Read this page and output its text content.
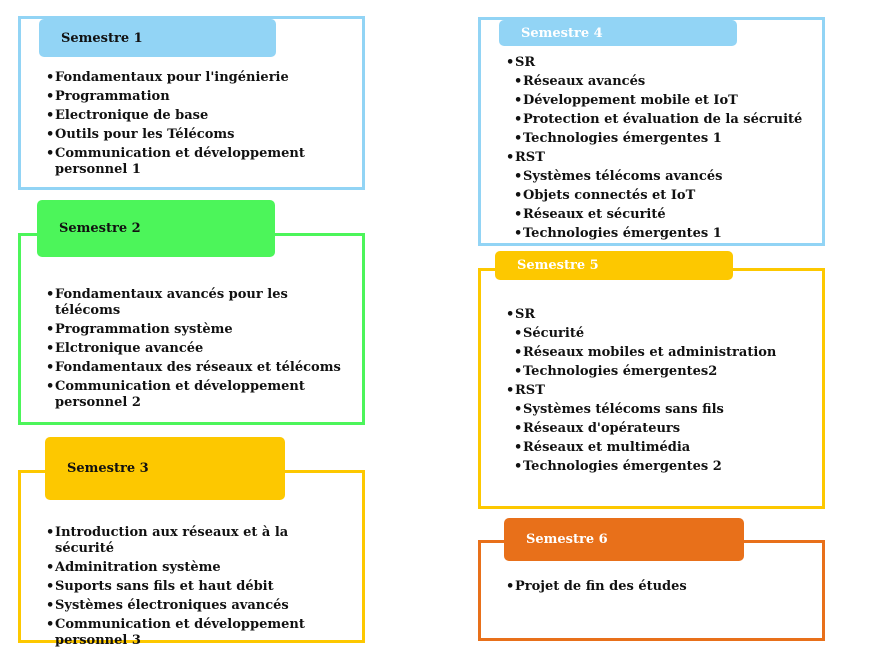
Semestre 1
• Fondamentaux pour l'ingénierie
• Programmation
• Electronique de base
• Outils pour les Télécoms
• Communication et développement personnel 1
Semestre 2
• Fondamentaux avancés pour les télécoms
• Programmation système
• Elctronique avancée
• Fondamentaux des réseaux et télécoms
• Communication et développement personnel 2
Semestre 3
• Introduction aux réseaux et à la sécurité
• Adminitration système
• Suports sans fils et haut débit
• Systèmes électroniques avancés
• Communication et développement personnel 3
Semestre 4
• SR
• Réseaux avancés
• Développement mobile et IoT
• Protection et évaluation de la sécruité
• Technologies émergentes 1
• RST
• Systèmes télécoms avancés
• Objets connectés et IoT
• Réseaux et sécurité
• Technologies émergentes 1
Semestre 5
• SR
• Sécurité
• Réseaux mobiles et administration
• Technologies émergentes2
• RST
• Systèmes télécoms sans fils
• Réseaux d'opérateurs
• Réseaux et multimédia
• Technologies émergentes 2
Semestre 6
• Projet de fin des études
